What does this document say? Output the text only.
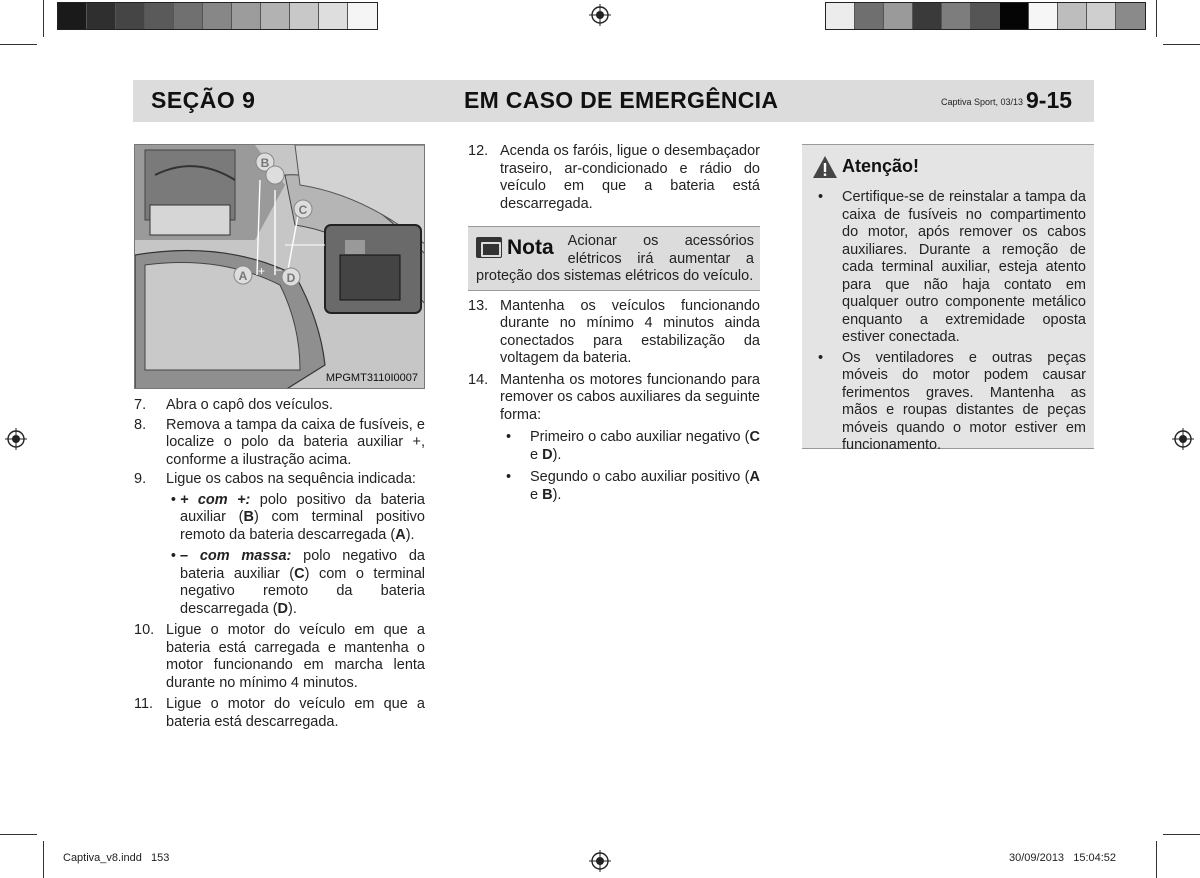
SEÇÃO 9	EM CASO DE EMERGÊNCIA	Captiva Sport, 03/13 9-15
B
C
A	D
+ –
MPGMT3110I0007
7.	Abra o capô dos veículos.
8.	Remova a tampa da caixa de fusíveis, e localize o polo da bateria auxiliar +, conforme a ilustração acima.
9.	Ligue os cabos na sequência indicada:
• + com +: polo positivo da bateria auxiliar (B) com terminal positivo remoto da bateria descarregada (A).
• – com massa: polo negativo da bateria auxiliar (C) com o terminal negativo remoto da bateria descarregada (D).
10. Ligue o motor do veículo em que a bateria está carregada e mantenha o motor funcionando em marcha lenta durante no mínimo 4 minutos.
11. Ligue o motor do veículo em que a bateria está descarregada.
12. Acenda os faróis, ligue o desembaçador traseiro, ar-condicionado e rádio do veículo em que a bateria está descarregada.
Nota Acionar os acessórios elétricos irá aumentar a proteção dos sistemas elétricos do veículo.
13. Mantenha os veículos funcionando durante no mínimo 4 minutos ainda conectados para estabilização da voltagem da bateria.
14. Mantenha os motores funcionando para remover os cabos auxiliares da seguinte forma:
•	Primeiro o cabo auxiliar negativo (C e D).
•	Segundo o cabo auxiliar positivo (A e B).
Atenção!
•	Certifique-se de reinstalar a tampa da caixa de fusíveis no compartimento do motor, após remover os cabos auxiliares. Durante a remoção de cada terminal auxiliar, esteja atento para que não haja contato em qualquer outro componente metálico enquanto a extremidade oposta estiver conectada.
•	Os ventiladores e outras peças móveis do motor podem causar ferimentos graves. Mantenha as mãos e roupas distantes de peças móveis quando o motor estiver em funcionamento.
Captiva_v8.indd   153	30/09/2013   15:04:52
